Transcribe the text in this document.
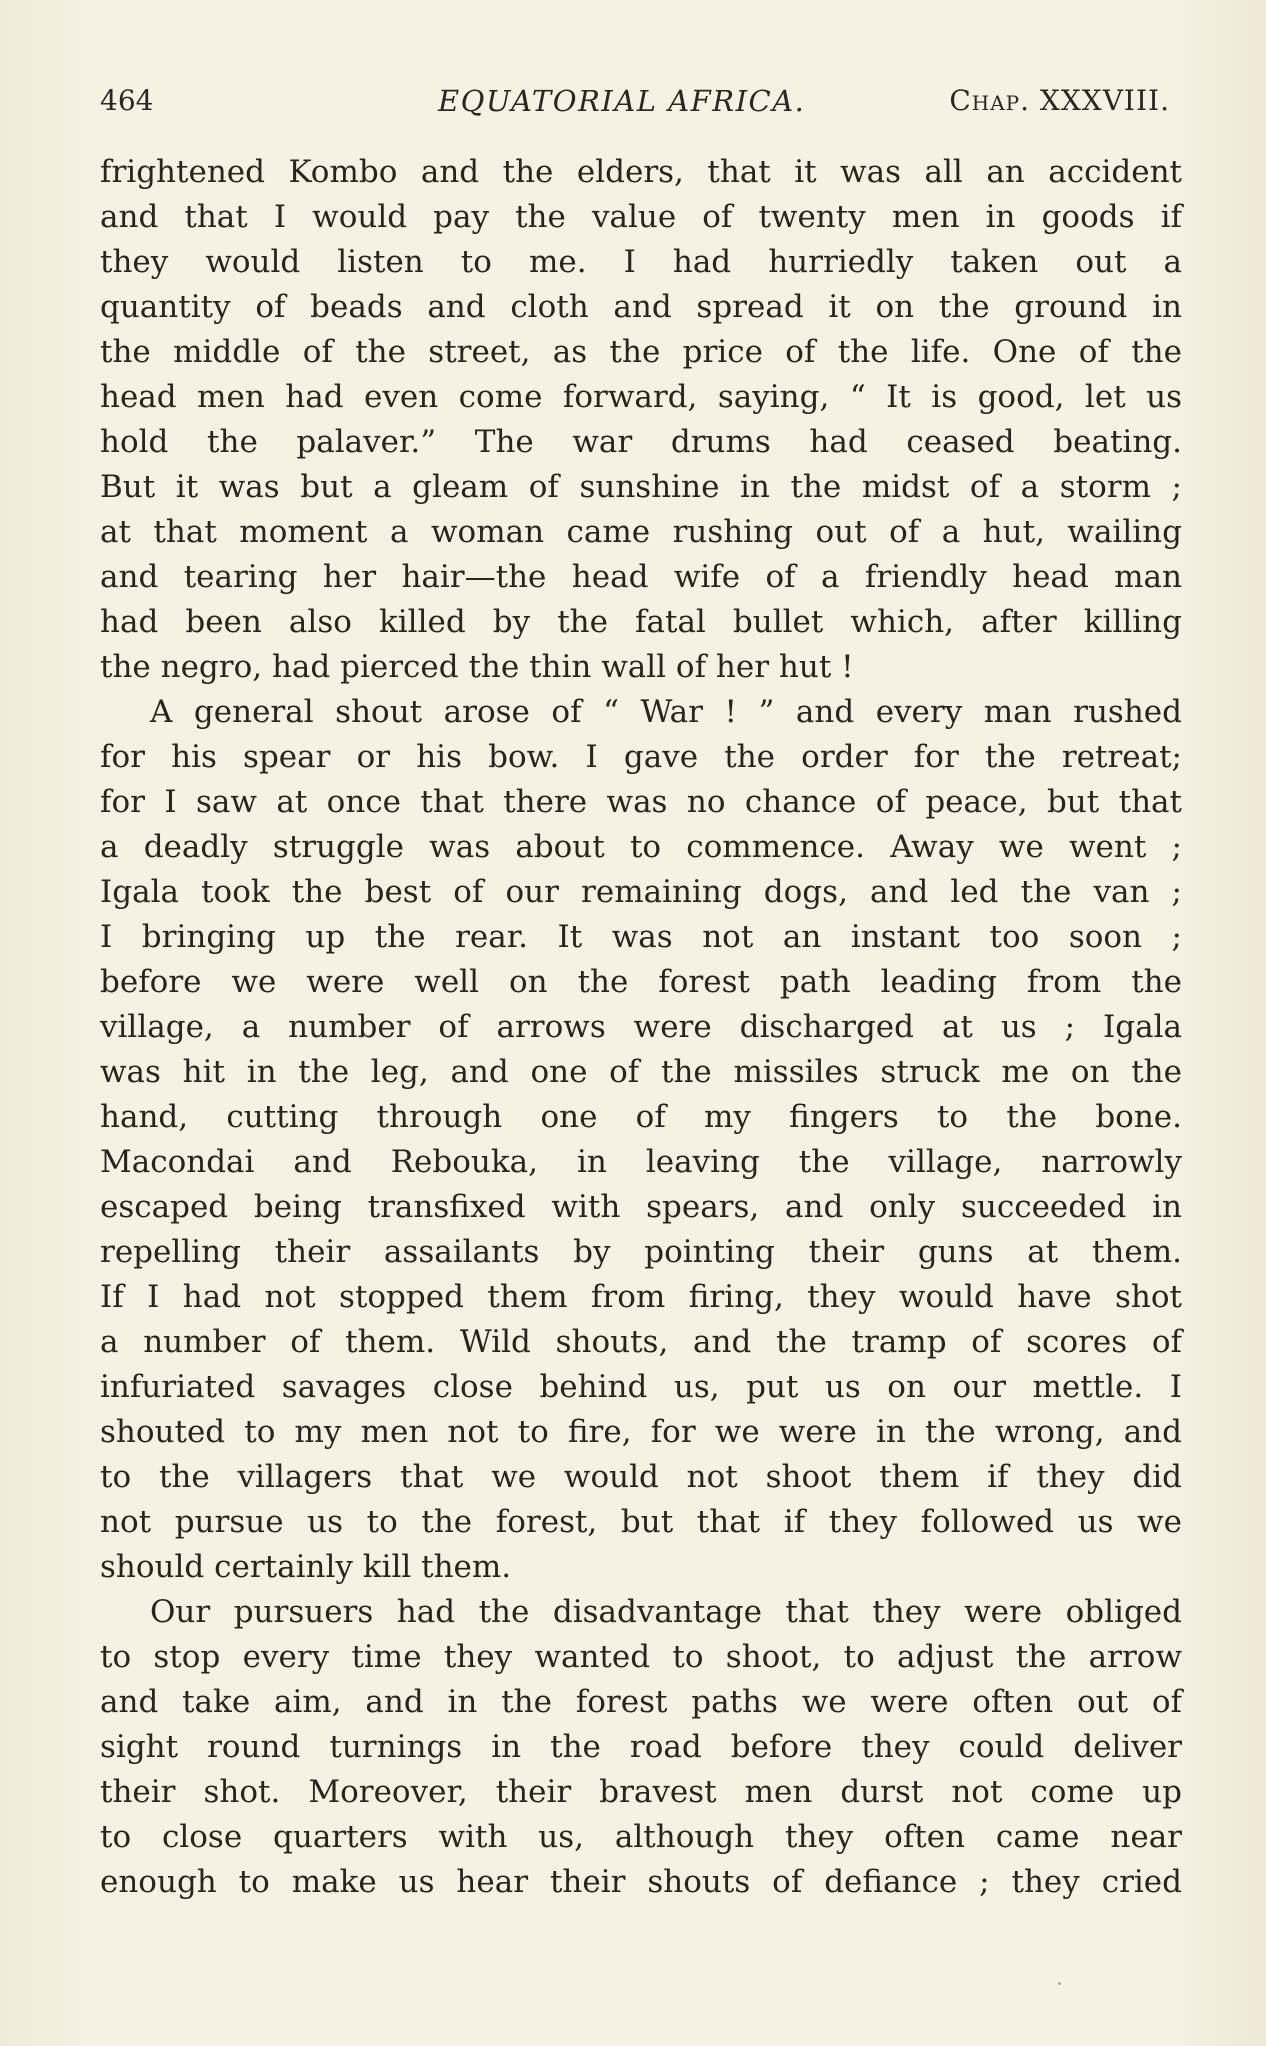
464	EQUATORIAL AFRICA.	Chap. XXXVIII.
frightened Kombo and the elders, that it was all an accident
and that I would pay the value of twenty men in goods if
they would listen to me. I had hurriedly taken out a
quantity of beads and cloth and spread it on the ground in
the middle of the street, as the price of the life. One of the
head men had even come forward, saying, “ It is good, let us
hold the palaver.” The war drums had ceased beating.
But it was but a gleam of sunshine in the midst of a storm ;
at that moment a woman came rushing out of a hut, wailing
and tearing her hair—the head wife of a friendly head man
had been also killed by the fatal bullet which, after killing
the negro, had pierced the thin wall of her hut !
A general shout arose of “ War ! ” and every man rushed
for his spear or his bow. I gave the order for the retreat;
for I saw at once that there was no chance of peace, but that
a deadly struggle was about to commence. Away we went ;
Igala took the best of our remaining dogs, and led the van ;
I bringing up the rear. It was not an instant too soon ;
before we were well on the forest path leading from the
village, a number of arrows were discharged at us ; Igala
was hit in the leg, and one of the missiles struck me on the
hand, cutting through one of my fingers to the bone.
Macondai and Rebouka, in leaving the village, narrowly
escaped being transfixed with spears, and only succeeded in
repelling their assailants by pointing their guns at them.
If I had not stopped them from firing, they would have shot
a number of them. Wild shouts, and the tramp of scores of
infuriated savages close behind us, put us on our mettle. I
shouted to my men not to fire, for we were in the wrong, and
to the villagers that we would not shoot them if they did
not pursue us to the forest, but that if they followed us we
should certainly kill them.
Our pursuers had the disadvantage that they were obliged
to stop every time they wanted to shoot, to adjust the arrow
and take aim, and in the forest paths we were often out of
sight round turnings in the road before they could deliver
their shot. Moreover, their bravest men durst not come up
to close quarters with us, although they often came near
enough to make us hear their shouts of defiance ; they cried
